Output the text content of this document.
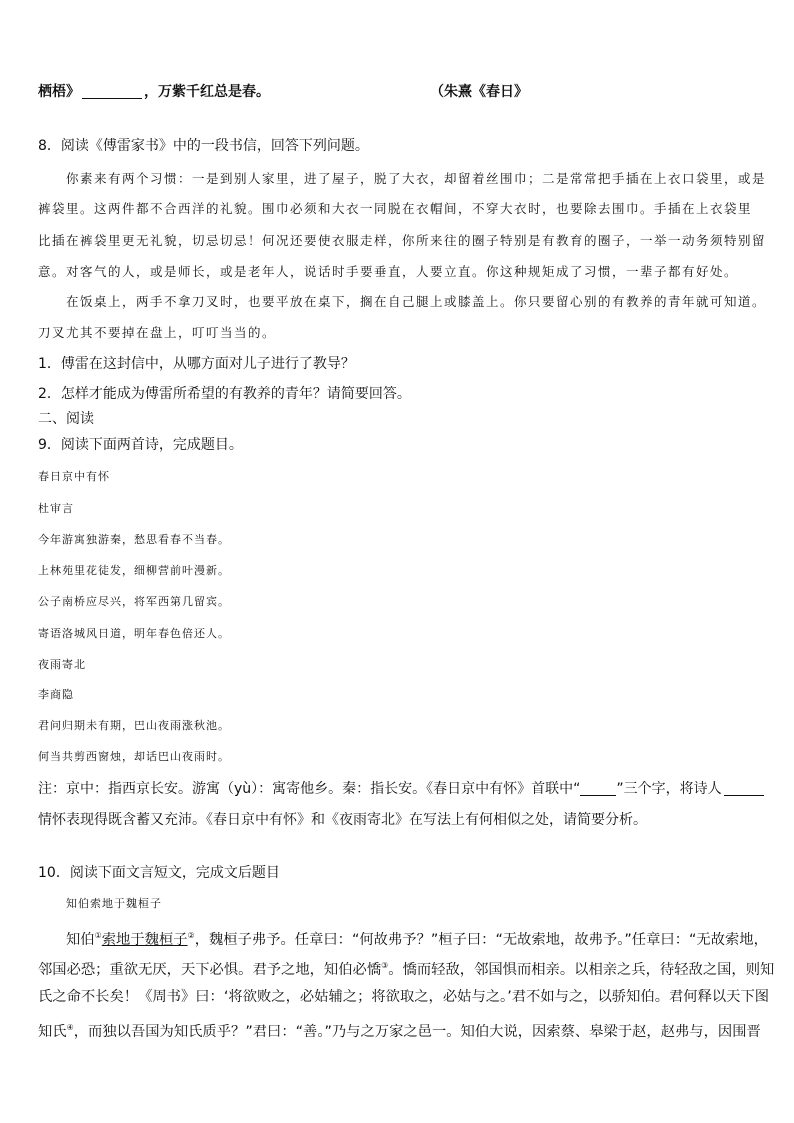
栖梧》	，万紫千红总是春。	（朱熹《春日》
8．阅读《傅雷家书》中的一段书信，回答下列问题。
你素来有两个习惯：一是到别人家里，进了屋子，脱了大衣，却留着丝围巾；二是常常把手插在上衣口袋里，或是
裤袋里。这两件都不合西洋的礼貌。围巾必须和大衣一同脱在衣帽间，不穿大衣时，也要除去围巾。手插在上衣袋里
比插在裤袋里更无礼貌，切忌切忌！何况还要使衣服走样，你所来往的圈子特别是有教育的圈子，一举一动务须特别留
意。对客气的人，或是师长，或是老年人，说话时手要垂直，人要立直。你这种规矩成了习惯，一辈子都有好处。
在饭桌上，两手不拿刀叉时，也要平放在桌下，搁在自己腿上或膝盖上。你只要留心别的有教养的青年就可知道。
刀叉尤其不要掉在盘上，叮叮当当的。
1．傅雷在这封信中，从哪方面对儿子进行了教导？
2．怎样才能成为傅雷所希望的有教养的青年？请简要回答。
二、阅读
9．阅读下面两首诗，完成题目。
春日京中有怀
杜审言
今年游寓独游秦，愁思看春不当春。
上林苑里花徒发，细柳营前叶漫新。
公子南桥应尽兴，将军西第几留宾。
寄语洛城风日道，明年春色倍还人。
夜雨寄北
李商隐
君问归期未有期，巴山夜雨涨秋池。
何当共剪西窗烛，却话巴山夜雨时。
注：京中：指西京长安。游寓（yù）：寓寄他乡。秦：指长安。《春日京中有怀》首联中“	”三个字，将诗人
情怀表现得既含蓄又充沛。《春日京中有怀》和《夜雨寄北》在写法上有何相似之处，请简要分析。
10．阅读下面文言短文，完成文后题目
知伯索地于魏桓子
知伯①索地于魏桓子②，魏桓子弗予。任章曰：“何故弗予？”桓子曰：“无故索地，故弗予。”任章曰：“无故索地，
邻国必恐；重欲无厌，天下必惧。君予之地，知伯必憍③。憍而轻敌，邻国惧而相亲。以相亲之兵，待轻敌之国，则知
氏之命不长矣！《周书》曰：‘将欲败之，必姑辅之；将欲取之，必姑与之。’君不如与之，以骄知伯。君何释以天下图
知氏④，而独以吾国为知氏质乎？”君曰：“善。”乃与之万家之邑一。知伯大说，因索蔡、皋梁于赵，赵弗与，因围晋
